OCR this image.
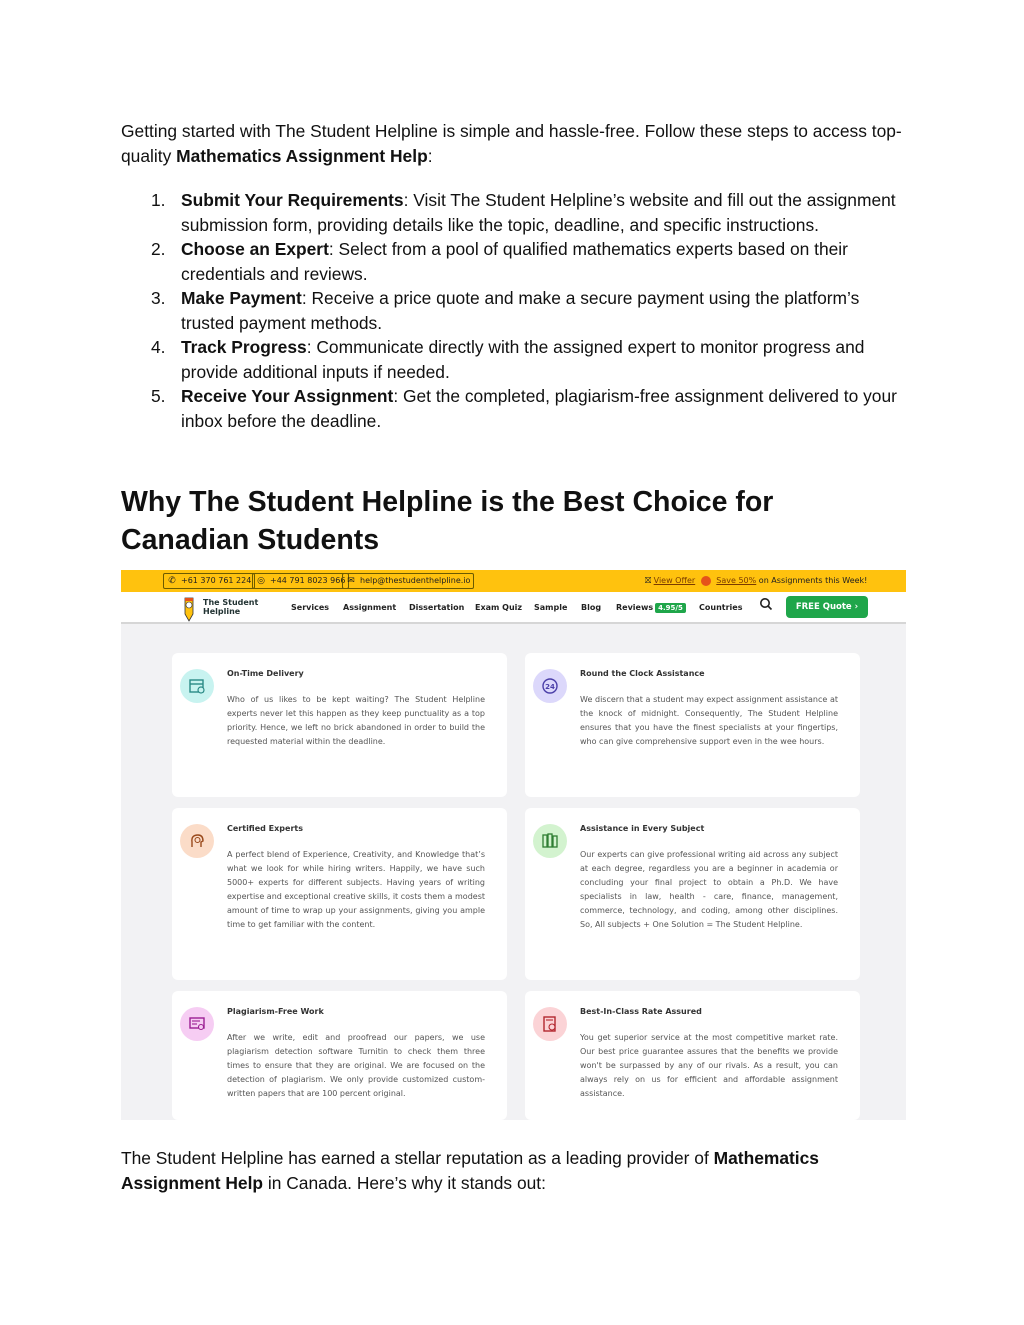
Getting started with The Student Helpline is simple and hassle-free. Follow these steps to access top-quality Mathematics Assignment Help:

1. Submit Your Requirements: Visit The Student Helpline’s website and fill out the assignment submission form, providing details like the topic, deadline, and specific instructions.
2. Choose an Expert: Select from a pool of qualified mathematics experts based on their credentials and reviews.
3. Make Payment: Receive a price quote and make a secure payment using the platform’s trusted payment methods.
4. Track Progress: Communicate directly with the assigned expert to monitor progress and provide additional inputs if needed.
5. Receive Your Assignment: Get the completed, plagiarism-free assignment delivered to your inbox before the deadline.
Why The Student Helpline is the Best Choice for Canadian Students
✆ +61 370 761 224 ◎ +44 791 8023 966 ✉ help@thestudenthelpline.io	⛝ View Offer	Save 50% on Assignments this Week!
The Student
Helpline	Services Assignment Dissertation Exam Quiz Sample Blog Reviews 4.95/5	Countries	FREE Quote ›
On-Time Delivery

Who of us likes to be kept waiting? The Student Helpline experts never let this happen as they keep punctuality as a top priority. Hence, we left no brick abandoned in order to build the requested material within the deadline.

24
Round the Clock Assistance

We discern that a student may expect assignment assistance at the knock of midnight. Consequently, The Student Helpline ensures that you have the finest specialists at your fingertips, who can give comprehensive support even in the wee hours.

Certified Experts

A perfect blend of Experience, Creativity, and Knowledge that’s what we look for while hiring writers. Happily, we have such 5000+ experts for different subjects. Having years of writing expertise and exceptional creative skills, it costs them a modest amount of time to wrap up your assignments, giving you ample time to get familiar with the content.

Assistance in Every Subject

Our experts can give professional writing aid across any subject at each degree, regardless you are a beginner in academia or concluding your final project to obtain a Ph.D. We have specialists in law, health - care, finance, management, commerce, technology, and coding, among other disciplines. So, All subjects + One Solution = The Student Helpline.

Plagiarism-Free Work

After we write, edit and proofread our papers, we use plagiarism detection software Turnitin to check them three times to ensure that they are original. We are focused on the detection of plagiarism. We only provide customized custom-written papers that are 100 percent original.

Best-In-Class Rate Assured

You get superior service at the most competitive market rate. Our best price guarantee assures that the benefits we provide won't be surpassed by any of our rivals. As a result, you can always rely on us for efficient and affordable assignment assistance.

The Student Helpline has earned a stellar reputation as a leading provider of Mathematics Assignment Help in Canada. Here’s why it stands out:
